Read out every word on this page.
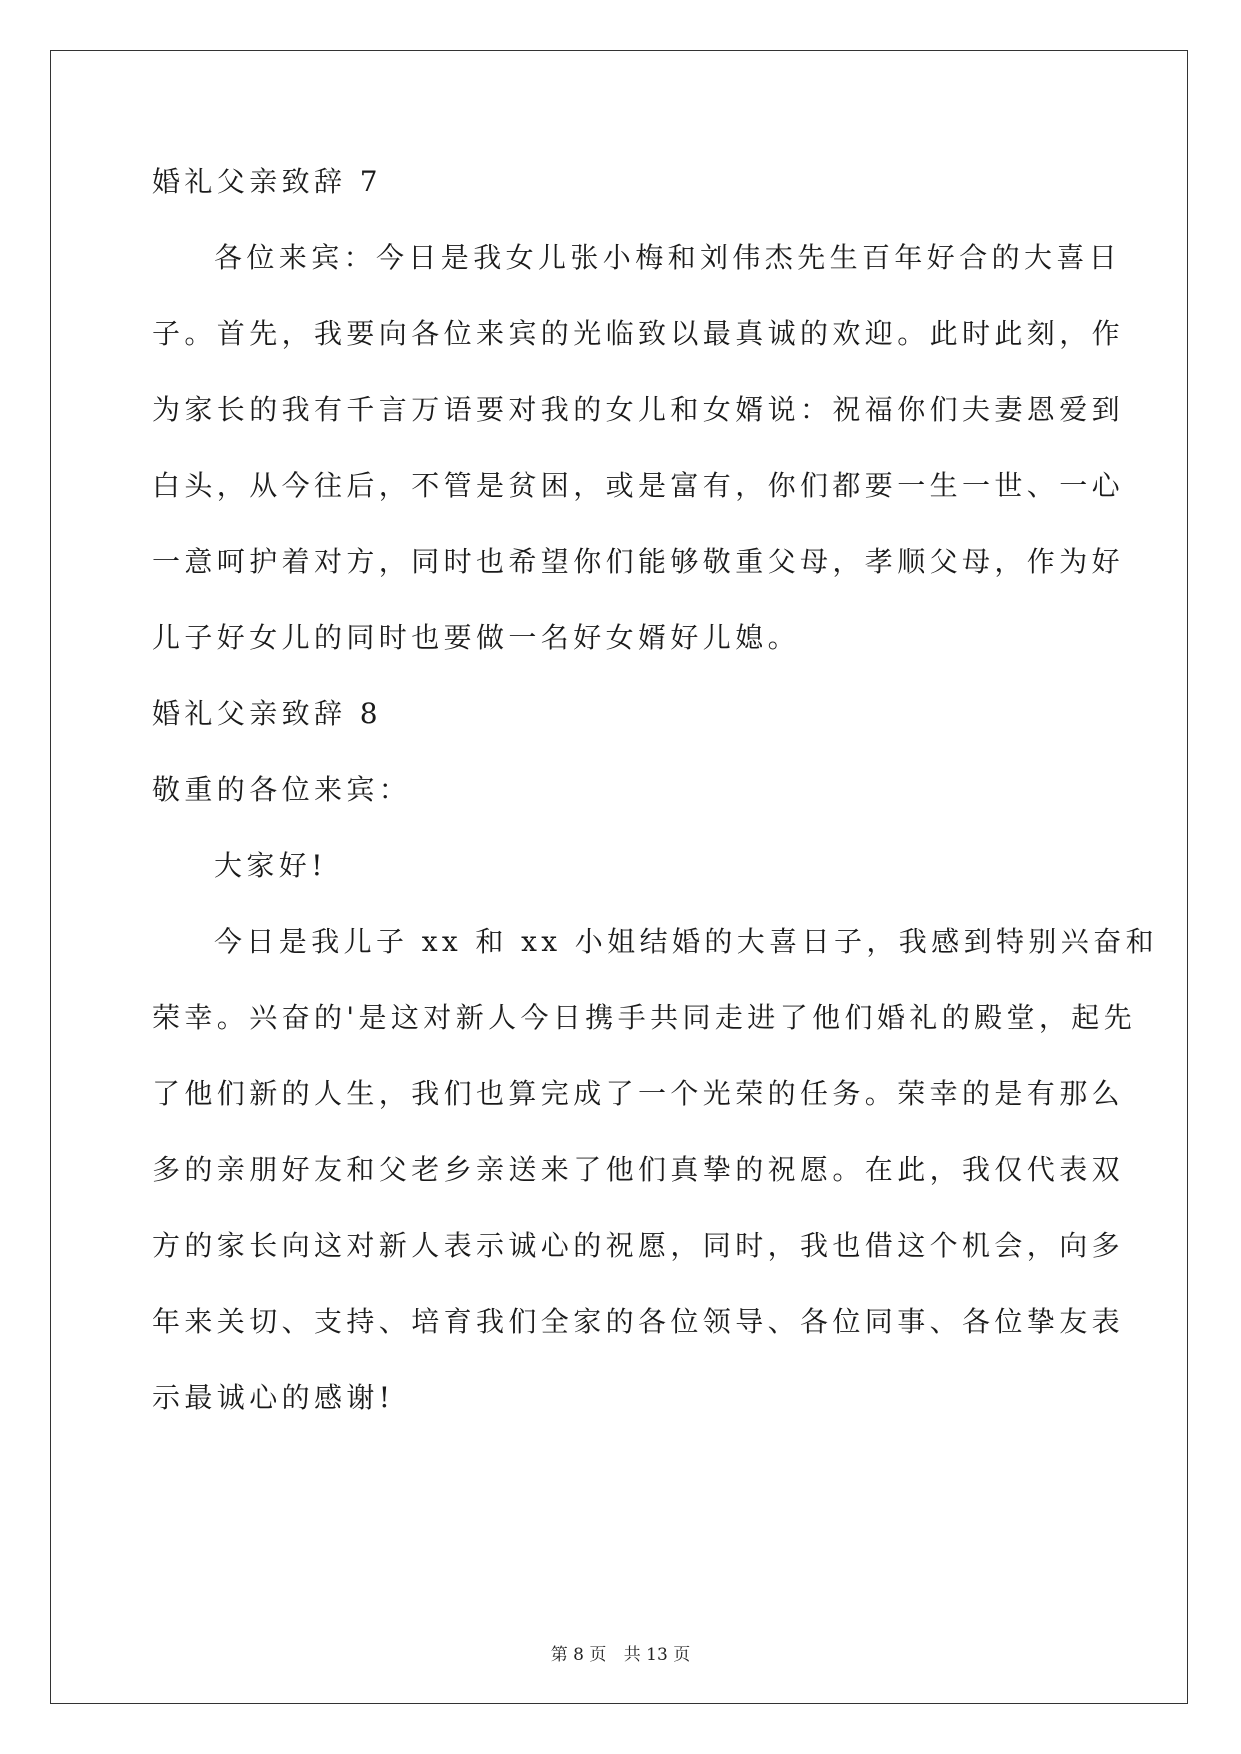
婚礼父亲致辞 7
各位来宾：今日是我女儿张小梅和刘伟杰先生百年好合的大喜日
子。首先，我要向各位来宾的光临致以最真诚的欢迎。此时此刻，作
为家长的我有千言万语要对我的女儿和女婿说：祝福你们夫妻恩爱到
白头，从今往后，不管是贫困，或是富有，你们都要一生一世、一心
一意呵护着对方，同时也希望你们能够敬重父母，孝顺父母，作为好
儿子好女儿的同时也要做一名好女婿好儿媳。
婚礼父亲致辞 8
敬重的各位来宾：
大家好!
今日是我儿子 xx 和 xx 小姐结婚的大喜日子，我感到特别兴奋和
荣幸。兴奋的'是这对新人今日携手共同走进了他们婚礼的殿堂，起先
了他们新的人生，我们也算完成了一个光荣的任务。荣幸的是有那么
多的亲朋好友和父老乡亲送来了他们真挚的祝愿。在此，我仅代表双
方的家长向这对新人表示诚心的祝愿，同时，我也借这个机会，向多
年来关切、支持、培育我们全家的各位领导、各位同事、各位挚友表
示最诚心的感谢!
第 8 页 共 13 页
